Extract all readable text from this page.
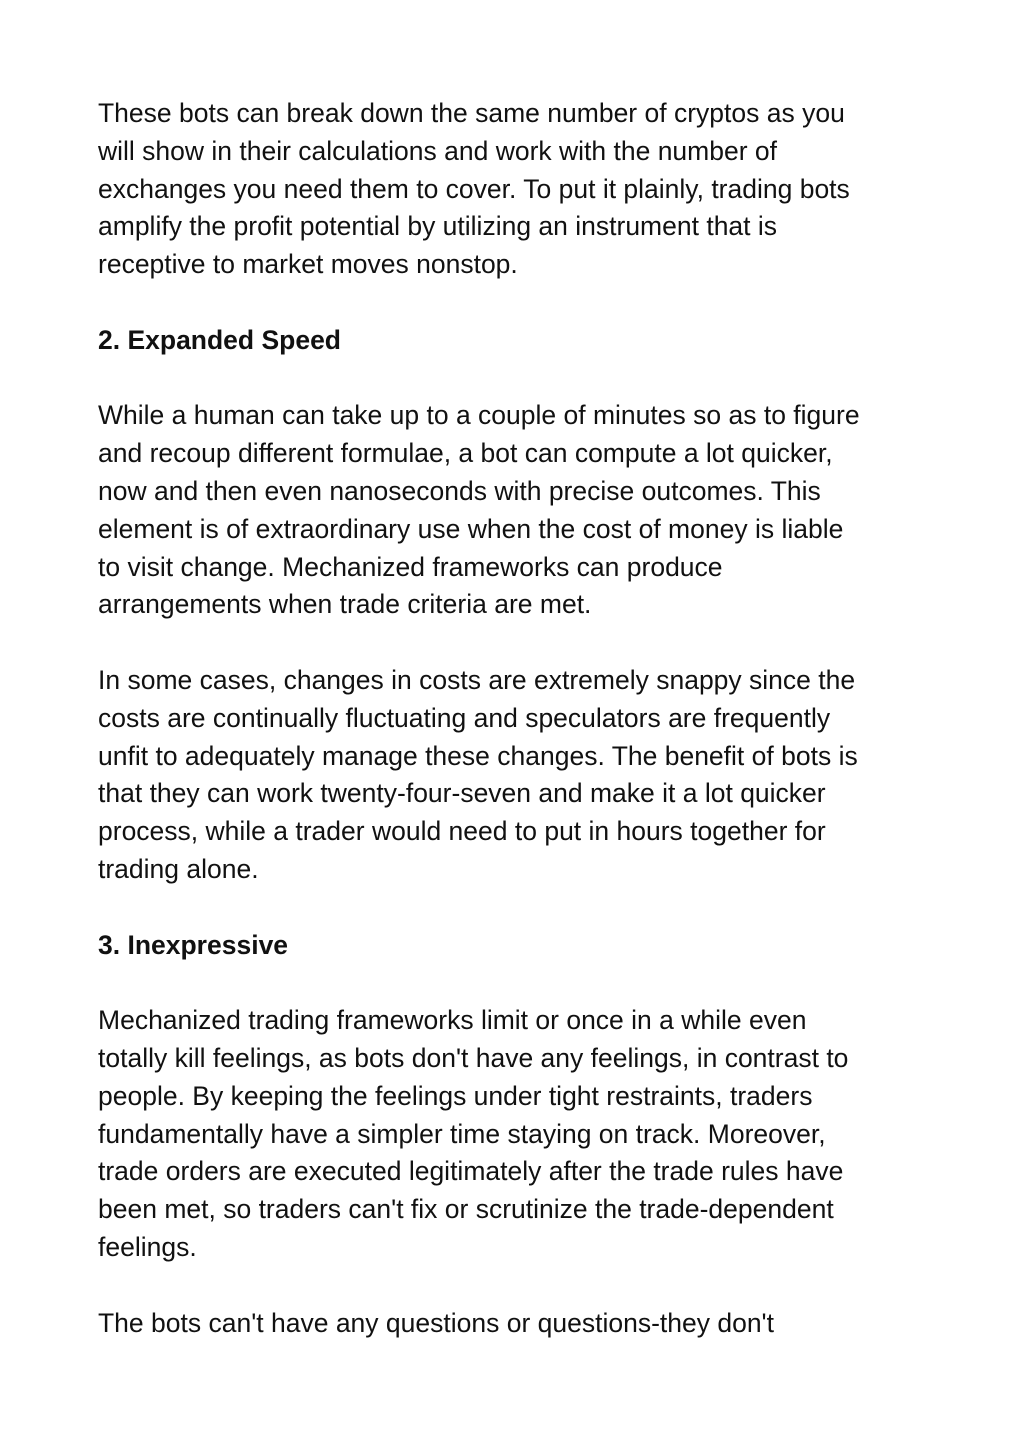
These bots can break down the same number of cryptos as you
will show in their calculations and work with the number of
exchanges you need them to cover. To put it plainly, trading bots
amplify the profit potential by utilizing an instrument that is
receptive to market moves nonstop.

2. Expanded Speed

While a human can take up to a couple of minutes so as to figure
and recoup different formulae, a bot can compute a lot quicker,
now and then even nanoseconds with precise outcomes. This
element is of extraordinary use when the cost of money is liable
to visit change. Mechanized frameworks can produce
arrangements when trade criteria are met.

In some cases, changes in costs are extremely snappy since the
costs are continually fluctuating and speculators are frequently
unfit to adequately manage these changes. The benefit of bots is
that they can work twenty-four-seven and make it a lot quicker
process, while a trader would need to put in hours together for
trading alone.

3. Inexpressive

Mechanized trading frameworks limit or once in a while even
totally kill feelings, as bots don't have any feelings, in contrast to
people. By keeping the feelings under tight restraints, traders
fundamentally have a simpler time staying on track. Moreover,
trade orders are executed legitimately after the trade rules have
been met, so traders can't fix or scrutinize the trade-dependent
feelings.

The bots can't have any questions or questions-they don't
